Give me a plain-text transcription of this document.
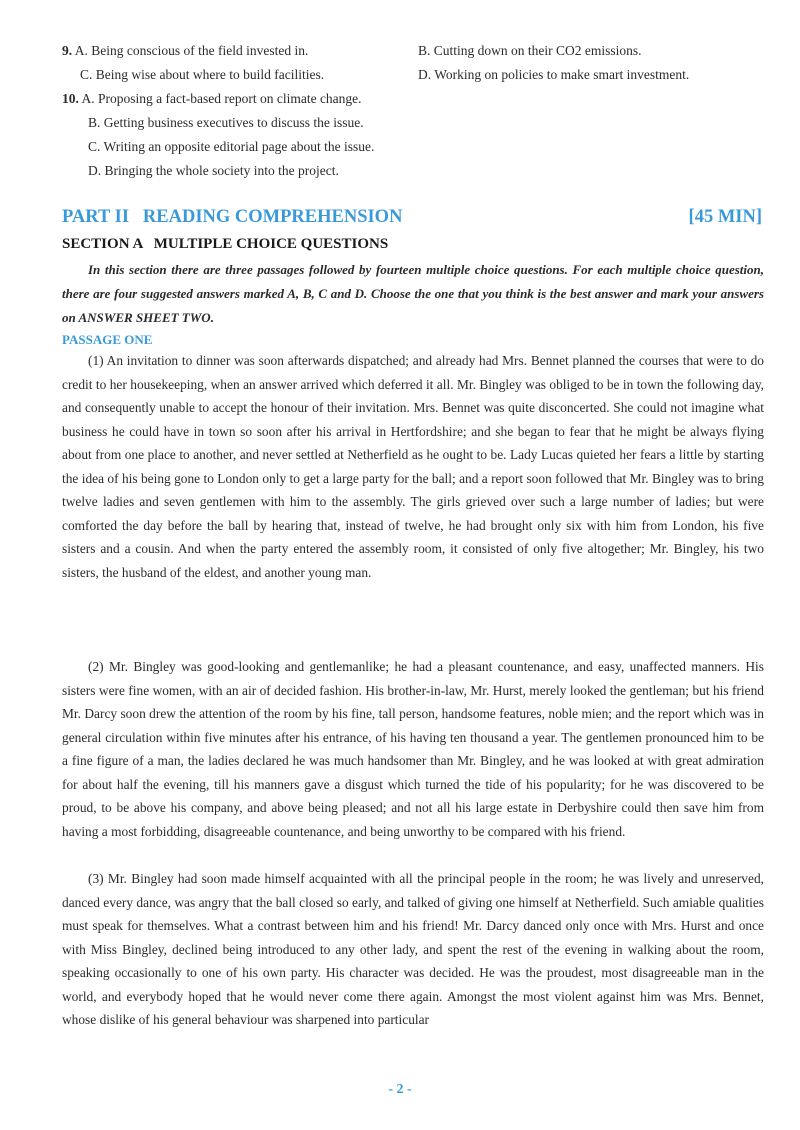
9. A. Being conscious of the field invested in.	B. Cutting down on their CO2 emissions.
C. Being wise about where to build facilities.	D. Working on policies to make smart investment.
10. A. Proposing a fact-based report on climate change.
B. Getting business executives to discuss the issue.
C. Writing an opposite editorial page about the issue.
D. Bringing the whole society into the project.
PART II   READING COMPREHENSION	[45 MIN]
SECTION A   MULTIPLE CHOICE QUESTIONS

In this section there are three passages followed by fourteen multiple choice questions. For each multiple choice question, there are four suggested answers marked A, B, C and D. Choose the one that you think is the best answer and mark your answers on ANSWER SHEET TWO.

PASSAGE ONE

(1) An invitation to dinner was soon afterwards dispatched; and already had Mrs. Bennet planned the courses that were to do credit to her housekeeping, when an answer arrived which deferred it all. Mr. Bingley was obliged to be in town the following day, and consequently unable to accept the honour of their invitation. Mrs. Bennet was quite disconcerted. She could not imagine what business he could have in town so soon after his arrival in Hertfordshire; and she began to fear that he might be always flying about from one place to another, and never settled at Netherfield as he ought to be. Lady Lucas quieted her fears a little by starting the idea of his being gone to London only to get a large party for the ball; and a report soon followed that Mr. Bingley was to bring twelve ladies and seven gentlemen with him to the assembly. The girls grieved over such a large number of ladies; but were comforted the day before the ball by hearing that, instead of twelve, he had brought only six with him from London, his five sisters and a cousin. And when the party entered the assembly room, it consisted of only five altogether; Mr. Bingley, his two sisters, the husband of the eldest, and another young man.

(2) Mr. Bingley was good-looking and gentlemanlike; he had a pleasant countenance, and easy, unaffected manners. His sisters were fine women, with an air of decided fashion. His brother-in-law, Mr. Hurst, merely looked the gentleman; but his friend Mr. Darcy soon drew the attention of the room by his fine, tall person, handsome features, noble mien; and the report which was in general circulation within five minutes after his entrance, of his having ten thousand a year. The gentlemen pronounced him to be a fine figure of a man, the ladies declared he was much handsomer than Mr. Bingley, and he was looked at with great admiration for about half the evening, till his manners gave a disgust which turned the tide of his popularity; for he was discovered to be proud, to be above his company, and above being pleased; and not all his large estate in Derbyshire could then save him from having a most forbidding, disagreeable countenance, and being unworthy to be compared with his friend.

(3) Mr. Bingley had soon made himself acquainted with all the principal people in the room; he was lively and unreserved, danced every dance, was angry that the ball closed so early, and talked of giving one himself at Netherfield. Such amiable qualities must speak for themselves. What a contrast between him and his friend! Mr. Darcy danced only once with Mrs. Hurst and once with Miss Bingley, declined being introduced to any other lady, and spent the rest of the evening in walking about the room, speaking occasionally to one of his own party. His character was decided. He was the proudest, most disagreeable man in the world, and everybody hoped that he would never come there again. Amongst the most violent against him was Mrs. Bennet, whose dislike of his general behaviour was sharpened into particular

- 2 -
